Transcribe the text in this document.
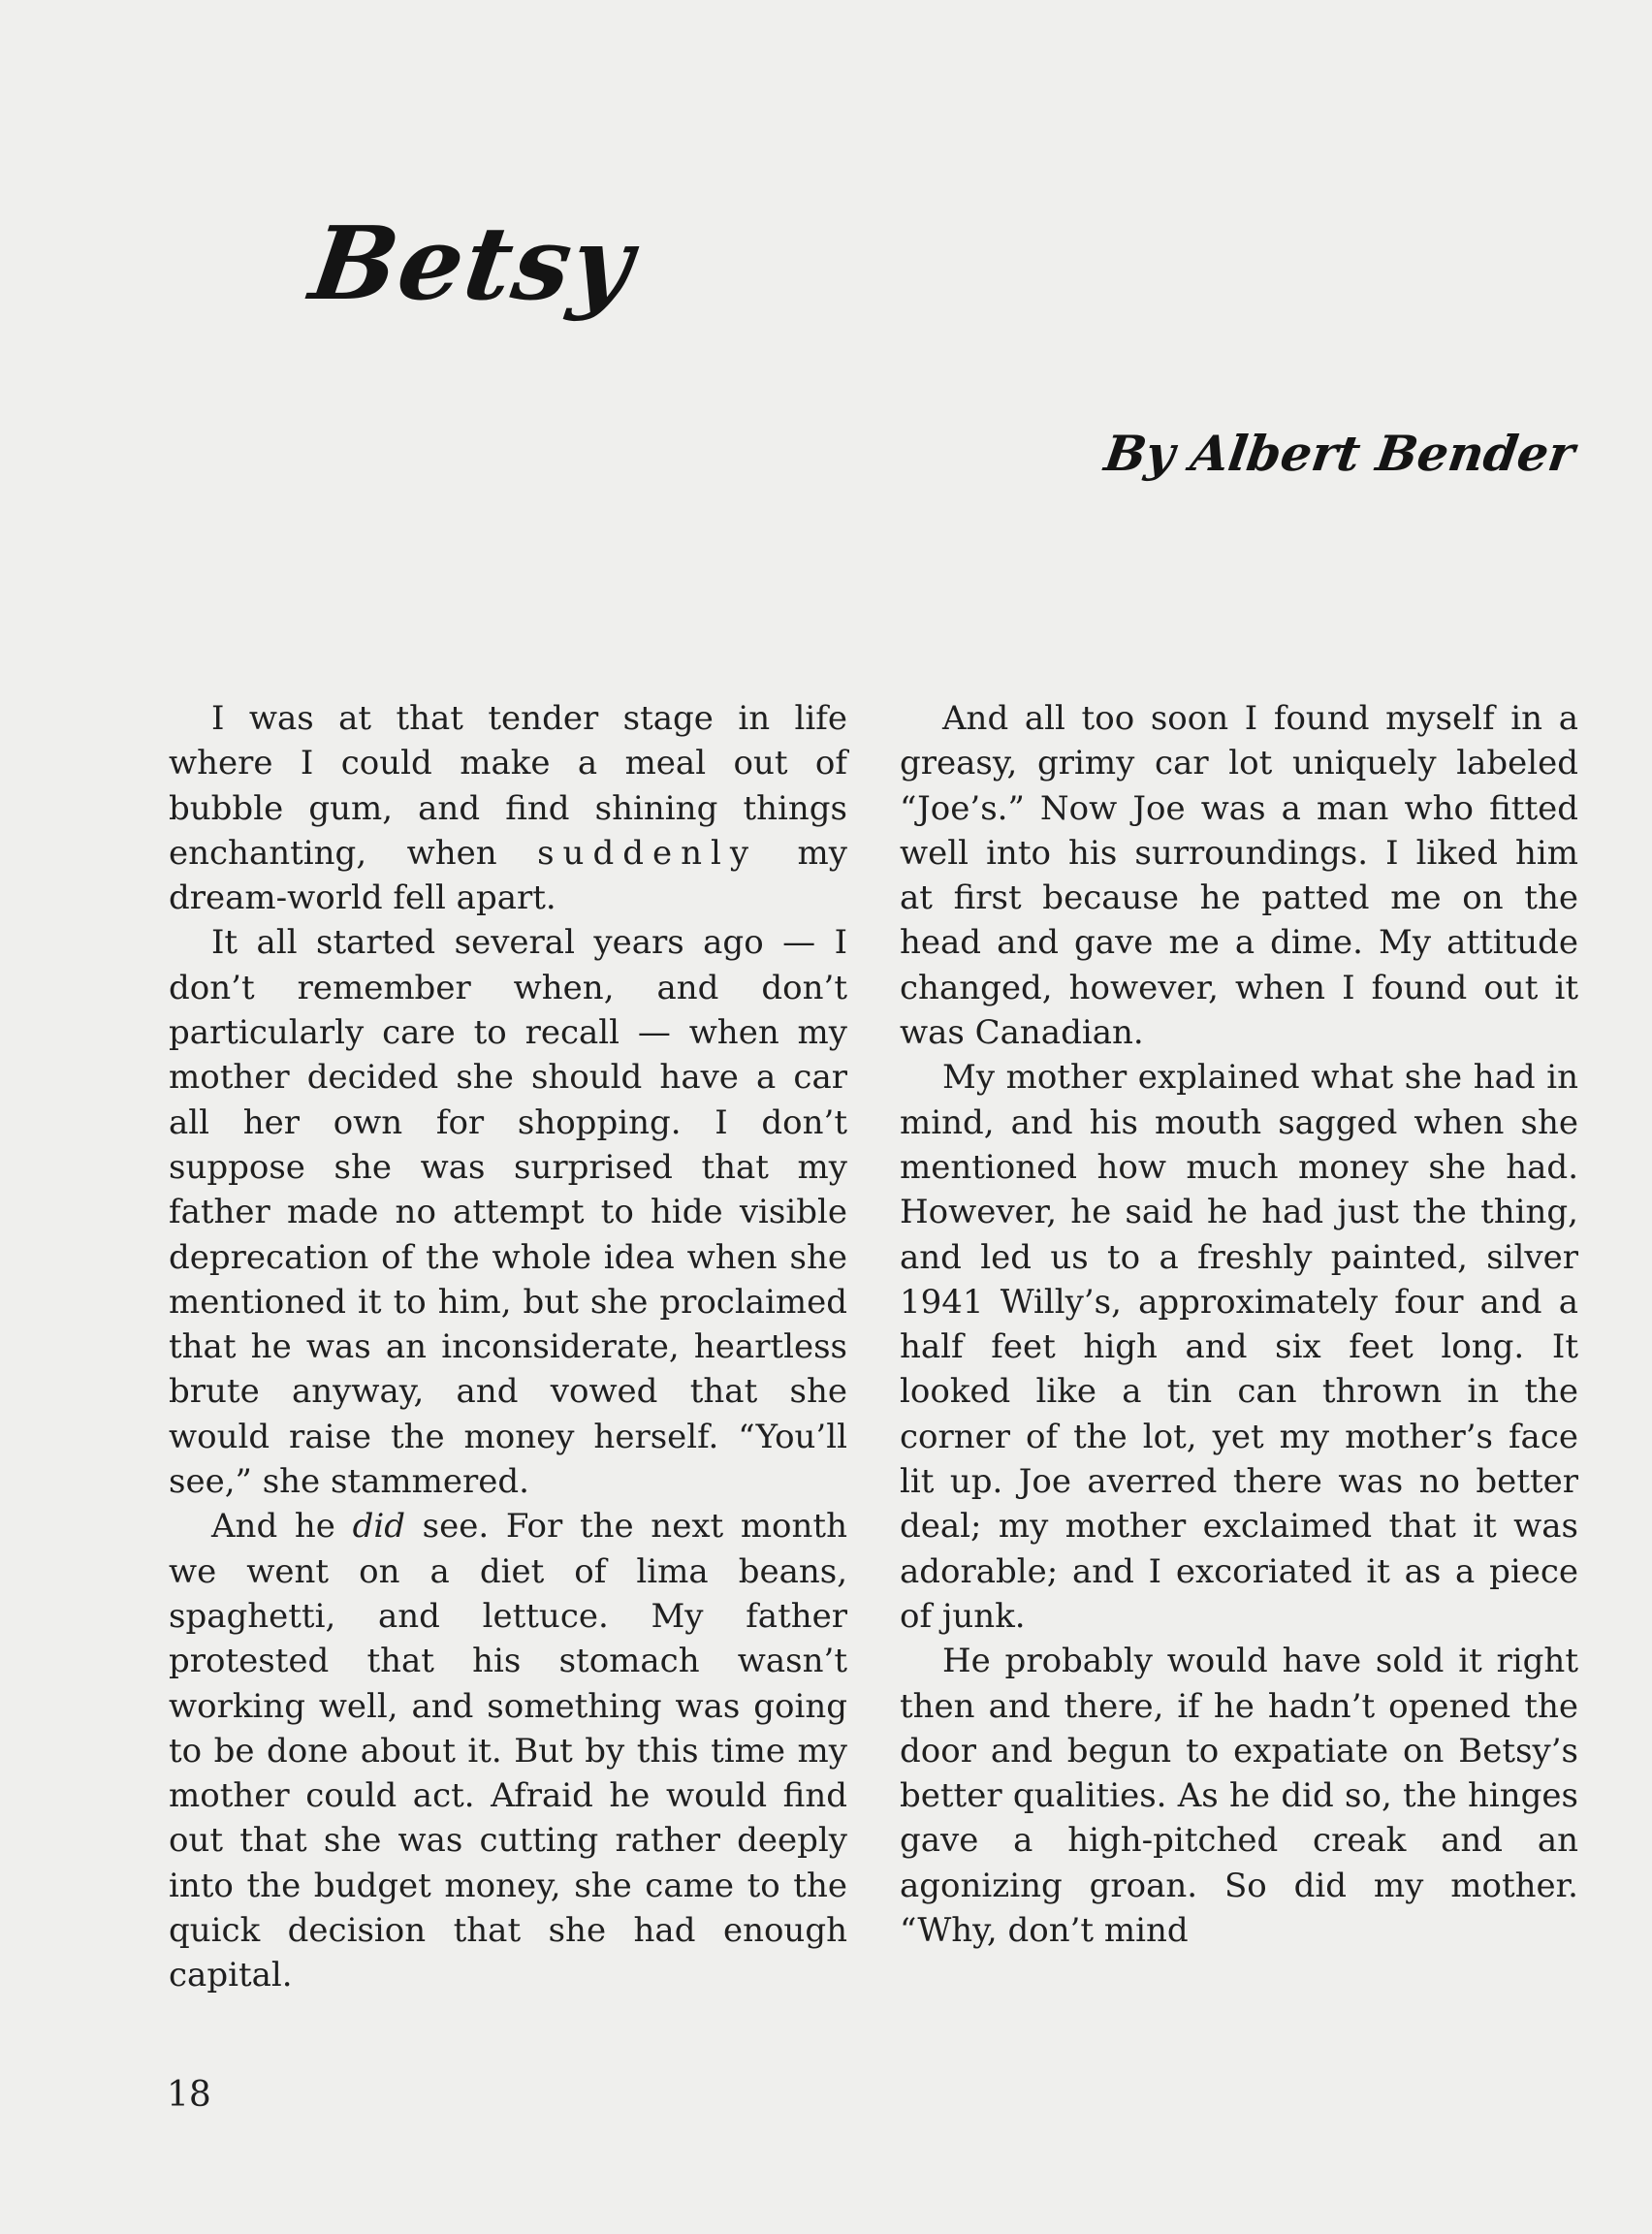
Betsy
By Albert Bender

I was at that tender stage in life where I could make a meal out of bubble gum, and find shining things enchanting, when suddenly my dream-world fell apart.

It all started several years ago — I don’t remember when, and don’t particularly care to recall — when my mother decided she should have a car all her own for shopping. I don’t suppose she was surprised that my father made no attempt to hide visible deprecation of the whole idea when she mentioned it to him, but she proclaimed that he was an inconsiderate, heartless brute anyway, and vowed that she would raise the money herself. “You’ll see,” she stammered.

And he did see. For the next month we went on a diet of lima beans, spaghetti, and lettuce. My father protested that his stomach wasn’t working well, and something was going to be done about it. But by this time my mother could act. Afraid he would find out that she was cutting rather deeply into the budget money, she came to the quick decision that she had enough capital.

And all too soon I found myself in a greasy, grimy car lot uniquely labeled “Joe’s.” Now Joe was a man who fitted well into his surroundings. I liked him at first because he patted me on the head and gave me a dime. My attitude changed, however, when I found out it was Canadian.

My mother explained what she had in mind, and his mouth sagged when she mentioned how much money she had. However, he said he had just the thing, and led us to a freshly painted, silver 1941 Willy’s, approximately four and a half feet high and six feet long. It looked like a tin can thrown in the corner of the lot, yet my mother’s face lit up. Joe averred there was no better deal; my mother exclaimed that it was adorable; and I excoriated it as a piece of junk.

He probably would have sold it right then and there, if he hadn’t opened the door and begun to expatiate on Betsy’s better qualities. As he did so, the hinges gave a high-pitched creak and an agonizing groan. So did my mother. “Why, don’t mind

18
